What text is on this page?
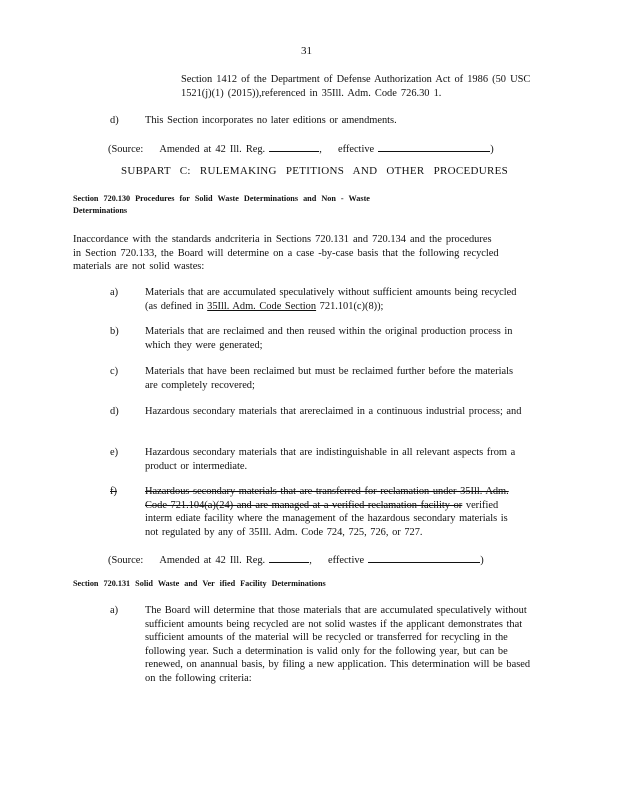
31
Section 1412 of the Department of Defense Authorization Act of 1986 (50 USC 1521(j)(1) (2015)),referenced in 35Ill. Adm. Code 726.30 1.
d)	This Section incorporates no later editions or amendments.
(Source: Amended at 42 Ill. Reg.	, effective	)
SUBPART C: RULEMAKING PETITIONS AND OTHER PROCEDURES
Section 720.130 Procedures for Solid Waste Determinations and Non - Waste
Determinations
Inaccordance with the standards andcriteria in Sections 720.131 and 720.134 and the procedures in Section 720.133, the Board will determine on a case -by-case basis that the following recycled materials are not solid wastes:
a)	Materials that are accumulated speculatively without sufficient amounts being recycled (as defined in 35Ill. Adm. Code Section 721.101(c)(8));
b)	Materials that are reclaimed and then reused within the original production process in which they were generated;
c)	Materials that have been reclaimed but must be reclaimed further before the materials are completely recovered;
d)	Hazardous secondary materials that arereclaimed in a continuous industrial process; and
e)	Hazardous secondary materials that are indistinguishable in all relevant aspects from a product or intermediate.
f)	Hazardous secondary materials that are transferred for reclamation under 35Ill. Adm. Code 721.104(a)(24) and are managed at a verified reclamation facility or verified interm ediate facility where the management of the hazardous secondary materials is not regulated by any of 35Ill. Adm. Code 724, 725, 726, or 727.
(Source: Amended at 42 Ill. Reg.	, effective	)
Section 720.131 Solid Waste and Ver ified Facility Determinations
a)	The Board will determine that those materials that are accumulated speculatively without sufficient amounts being recycled are not solid wastes if the applicant demonstrates that sufficient amounts of the material will be recycled or transferred for recycling in the following year. Such a determination is valid only for the following year, but can be renewed, on anannual basis, by filing a new application. This determination will be based on the following criteria:
